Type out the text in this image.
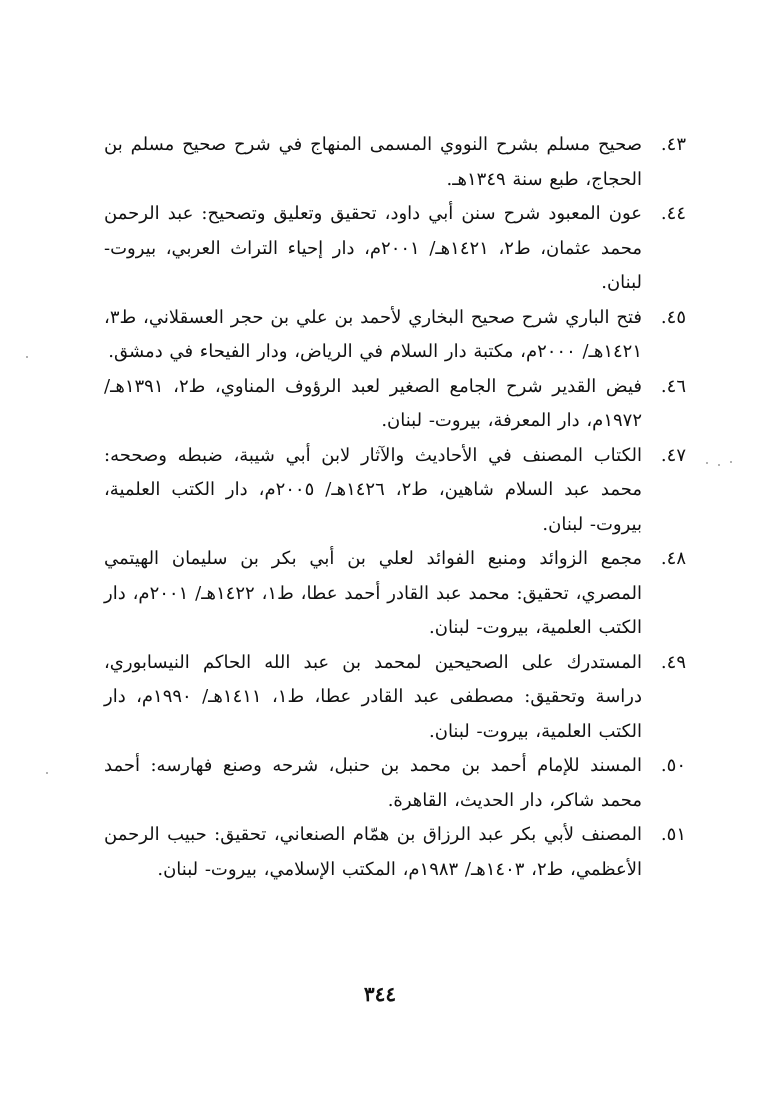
٤٣.
صحيح مسلم بشرح النووي المسمى المنهاج في شرح صحيح مسلم بن الحجاج، طبع سنة ١٣٤٩هـ.
٤٤.
عون المعبود شرح سنن أبي داود، تحقيق وتعليق وتصحيح: عبد الرحمن محمد عثمان، ط٢، ١٤٢١هـ/ ٢٠٠١م، دار إحياء التراث العربي، بيروت- لبنان.
٤٥.
فتح الباري شرح صحيح البخاري لأحمد بن علي بن حجر العسقلاني، ط٣، ١٤٢١هـ/ ٢٠٠٠م، مكتبة دار السلام في الرياض، ودار الفيحاء في دمشق.
٤٦.
فيض القدير شرح الجامع الصغير لعبد الرؤوف المناوي، ط٢، ١٣٩١هـ/ ١٩٧٢م، دار المعرفة، بيروت- لبنان.
٤٧.
الكتاب المصنف في الأحاديث والآثار لابن أبي شيبة، ضبطه وصححه: محمد عبد السلام شاهين، ط٢، ١٤٢٦هـ/ ٢٠٠٥م، دار الكتب العلمية، بيروت- لبنان.
٤٨.
مجمع الزوائد ومنبع الفوائد لعلي بن أبي بكر بن سليمان الهيتمي المصري، تحقيق: محمد عبد القادر أحمد عطا، ط١، ١٤٢٢هـ/ ٢٠٠١م، دار الكتب العلمية، بيروت- لبنان.
٤٩.
المستدرك على الصحيحين لمحمد بن عبد الله الحاكم النيسابوري، دراسة وتحقيق: مصطفى عبد القادر عطا، ط١، ١٤١١هـ/ ١٩٩٠م، دار الكتب العلمية، بيروت- لبنان.
٥٠.
المسند للإمام أحمد بن محمد بن حنبل، شرحه وصنع فهارسه: أحمد محمد شاكر، دار الحديث، القاهرة.
٥١.
المصنف لأبي بكر عبد الرزاق بن همّام الصنعاني، تحقيق: حبيب الرحمن الأعظمي، ط٢، ١٤٠٣هـ/ ١٩٨٣م، المكتب الإسلامي، بيروت- لبنان.
٣٤٤
